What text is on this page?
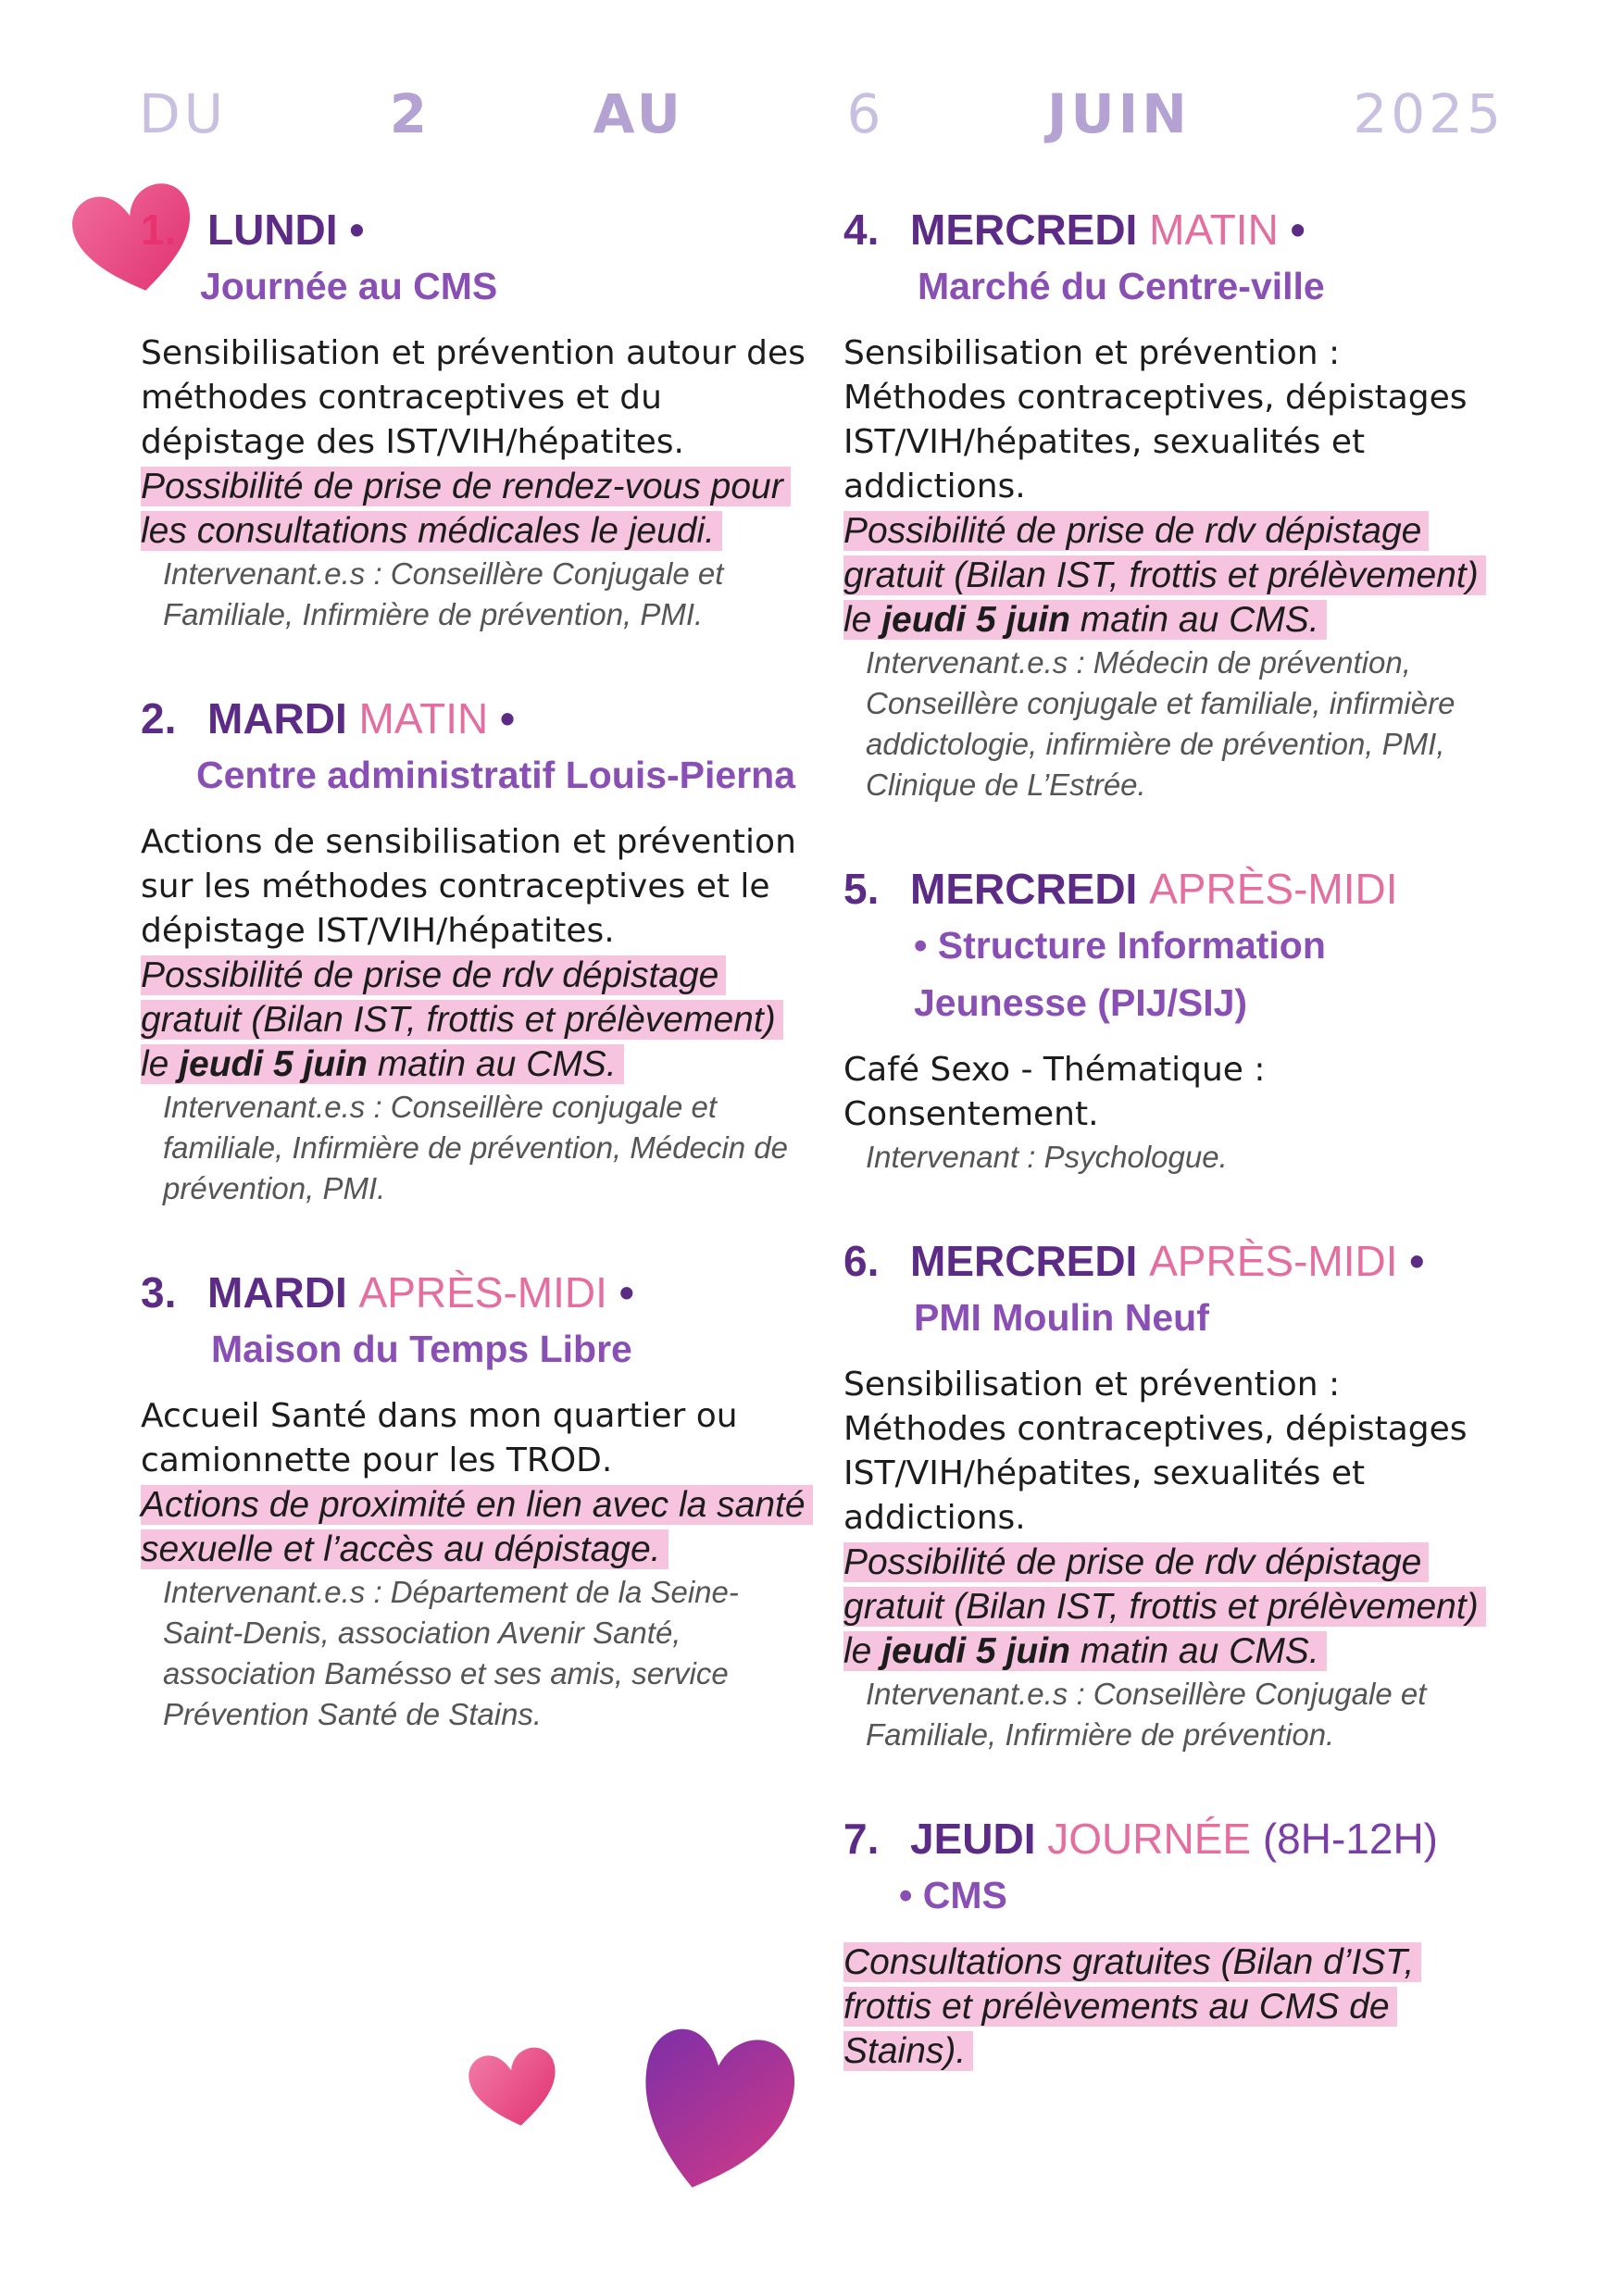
DU	2	AU	6	JUIN	2025
1. LUNDI •
Journée au CMS
Sensibilisation et prévention autour des méthodes contraceptives et du dépistage des IST/VIH/hépatites.
Possibilité de prise de rendez-vous pour les consultations médicales le jeudi.
Intervenant.e.s : Conseillère Conjugale et Familiale, Infirmière de prévention, PMI.
2. MARDI MATIN •
Centre administratif Louis-Pierna
Actions de sensibilisation et prévention sur les méthodes contraceptives et le dépistage IST/VIH/hépatites.
Possibilité de prise de rdv dépistage gratuit (Bilan IST, frottis et prélèvement) le jeudi 5 juin matin au CMS.
Intervenant.e.s : Conseillère conjugale et familiale, Infirmière de prévention, Médecin de prévention, PMI.
3. MARDI APRÈS-MIDI •
Maison du Temps Libre
Accueil Santé dans mon quartier ou camionnette pour les TROD.
Actions de proximité en lien avec la santé sexuelle et l’accès au dépistage.
Intervenant.e.s : Département de la Seine-Saint-Denis, association Avenir Santé, association Bamésso et ses amis, service Prévention Santé de Stains.
4. MERCREDI MATIN •
Marché du Centre-ville
Sensibilisation et prévention : Méthodes contraceptives, dépistages IST/VIH/hépatites, sexualités et addictions.
Possibilité de prise de rdv dépistage gratuit (Bilan IST, frottis et prélèvement) le jeudi 5 juin matin au CMS.
Intervenant.e.s : Médecin de prévention, Conseillère conjugale et familiale, infirmière addictologie, infirmière de prévention, PMI, Clinique de L’Estrée.
5. MERCREDI APRÈS-MIDI
• Structure Information Jeunesse (PIJ/SIJ)
Café Sexo - Thématique : Consentement.
Intervenant : Psychologue.
6. MERCREDI APRÈS-MIDI •
PMI Moulin Neuf
Sensibilisation et prévention : Méthodes contraceptives, dépistages IST/VIH/hépatites, sexualités et addictions.
Possibilité de prise de rdv dépistage gratuit (Bilan IST, frottis et prélèvement) le jeudi 5 juin matin au CMS.
Intervenant.e.s : Conseillère Conjugale et Familiale, Infirmière de prévention.
7. JEUDI JOURNÉE (8H-12H)
• CMS
Consultations gratuites (Bilan d’IST, frottis et prélèvements au CMS de Stains).
